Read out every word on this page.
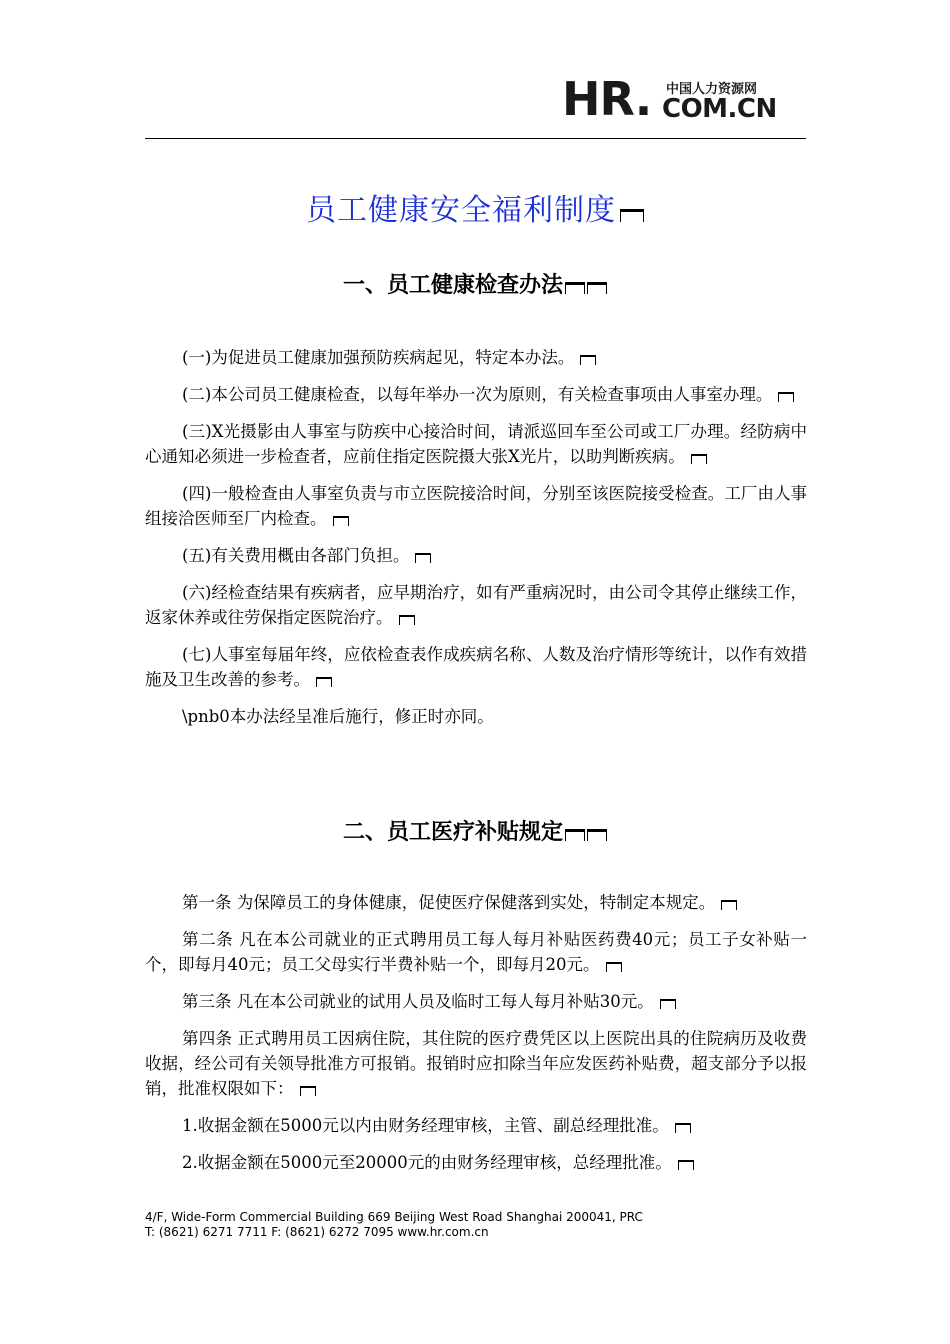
HR. 中国人力资源网
COM.CN
员工健康安全福利制度
一、员工健康检查办法

(一)为促进员工健康加强预防疾病起见，特定本办法。

(二)本公司员工健康检查，以每年举办一次为原则，有关检查事项由人事室办理。

(三)X光摄影由人事室与防疾中心接洽时间，请派巡回车至公司或工厂办理。经防病中心通知必须进一步检查者，应前住指定医院摄大张X光片，以助判断疾病。

(四)一般检查由人事室负责与市立医院接洽时间，分别至该医院接受检查。工厂由人事组接洽医师至厂内检查。

(五)有关费用概由各部门负担。

(六)经检查结果有疾病者，应早期治疗，如有严重病况时，由公司令其停止继续工作，返家休养或往劳保指定医院治疗。

(七)人事室每届年终，应依检查表作成疾病名称、人数及治疗情形等统计，以作有效措施及卫生改善的参考。

\pnb0本办法经呈准后施行，修正时亦同。

二、员工医疗补贴规定

第一条 为保障员工的身体健康，促使医疗保健落到实处，特制定本规定。

第二条 凡在本公司就业的正式聘用员工每人每月补贴医药费40元；员工子女补贴一个，即每月40元；员工父母实行半费补贴一个，即每月20元。

第三条 凡在本公司就业的试用人员及临时工每人每月补贴30元。

第四条 正式聘用员工因病住院，其住院的医疗费凭区以上医院出具的住院病历及收费收据，经公司有关领导批准方可报销。报销时应扣除当年应发医药补贴费，超支部分予以报销，批准权限如下：

1.收据金额在5000元以内由财务经理审核，主管、副总经理批准。

2.收据金额在5000元至20000元的由财务经理审核，总经理批准。

4/F, Wide-Form Commercial Building 669 Beijing West Road Shanghai 200041, PRC
T: (8621) 6271 7711 F: (8621) 6272 7095 www.hr.com.cn
